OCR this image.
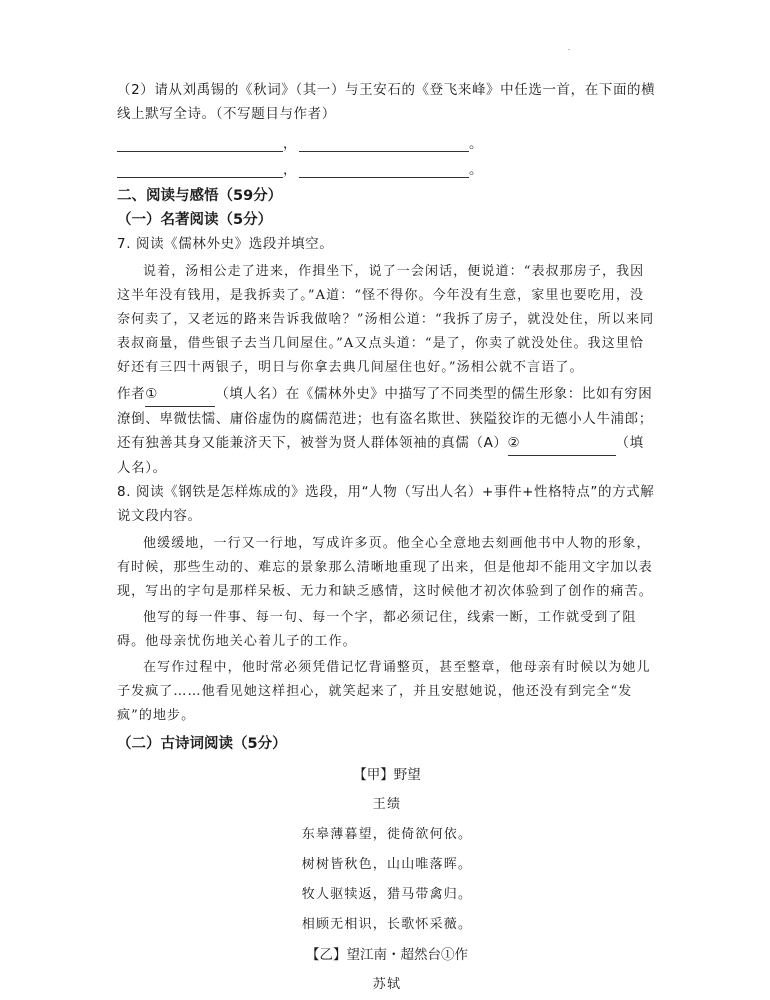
（2）请从刘禹锡的《秋词》（其一）与王安石的《登飞来峰》中任选一首，在下面的横线上默写全诗。（不写题目与作者）

，	。
，	。

二、阅读与感悟（59分）

（一）名著阅读（5分）

7. 阅读《儒林外史》选段并填空。

说着，汤相公走了进来，作揖坐下，说了一会闲话，便说道：“表叔那房子，我因这半年没有钱用，是我拆卖了。”A道：“怪不得你。今年没有生意，家里也要吃用，没奈何卖了，又老远的路来告诉我做啥？”汤相公道：“我拆了房子，就没处住，所以来同表叔商量，借些银子去当几间屋住。”A又点头道：“是了，你卖了就没处住。我这里恰好还有三四十两银子，明日与你拿去典几间屋住也好。”汤相公就不言语了。

作者①	（填人名）在《儒林外史》中描写了不同类型的儒生形象：比如有穷困潦倒、卑微怯懦、庸俗虚伪的腐儒范进；也有盗名欺世、狭隘狡诈的无德小人牛浦郎；还有独善其身又能兼济天下，被誉为贤人群体领袖的真儒（A）②	（填人名）。

8. 阅读《钢铁是怎样炼成的》选段，用“人物（写出人名）+事件+性格特点”的方式解说文段内容。

他缓缓地，一行又一行地，写成许多页。他全心全意地去刻画他书中人物的形象，有时候，那些生动的、难忘的景象那么清晰地重现了出来，但是他却不能用文字加以表现，写出的字句是那样呆板、无力和缺乏感情，这时候他才初次体验到了创作的痛苦。

他写的每一件事、每一句、每一个字，都必须记住，线索一断，工作就受到了阻碍。他母亲忧伤地关心着儿子的工作。

在写作过程中，他时常必须凭借记忆背诵整页，甚至整章，他母亲有时候以为她儿子发疯了……他看见她这样担心，就笑起来了，并且安慰她说，他还没有到完全“发疯”的地步。

（二）古诗词阅读（5分）

【甲】野望
王绩
东皋薄暮望，徙倚欲何依。
树树皆秋色，山山唯落晖。
牧人驱犊返，猎马带禽归。
相顾无相识，长歌怀采薇。
【乙】望江南・超然台①作
苏轼
